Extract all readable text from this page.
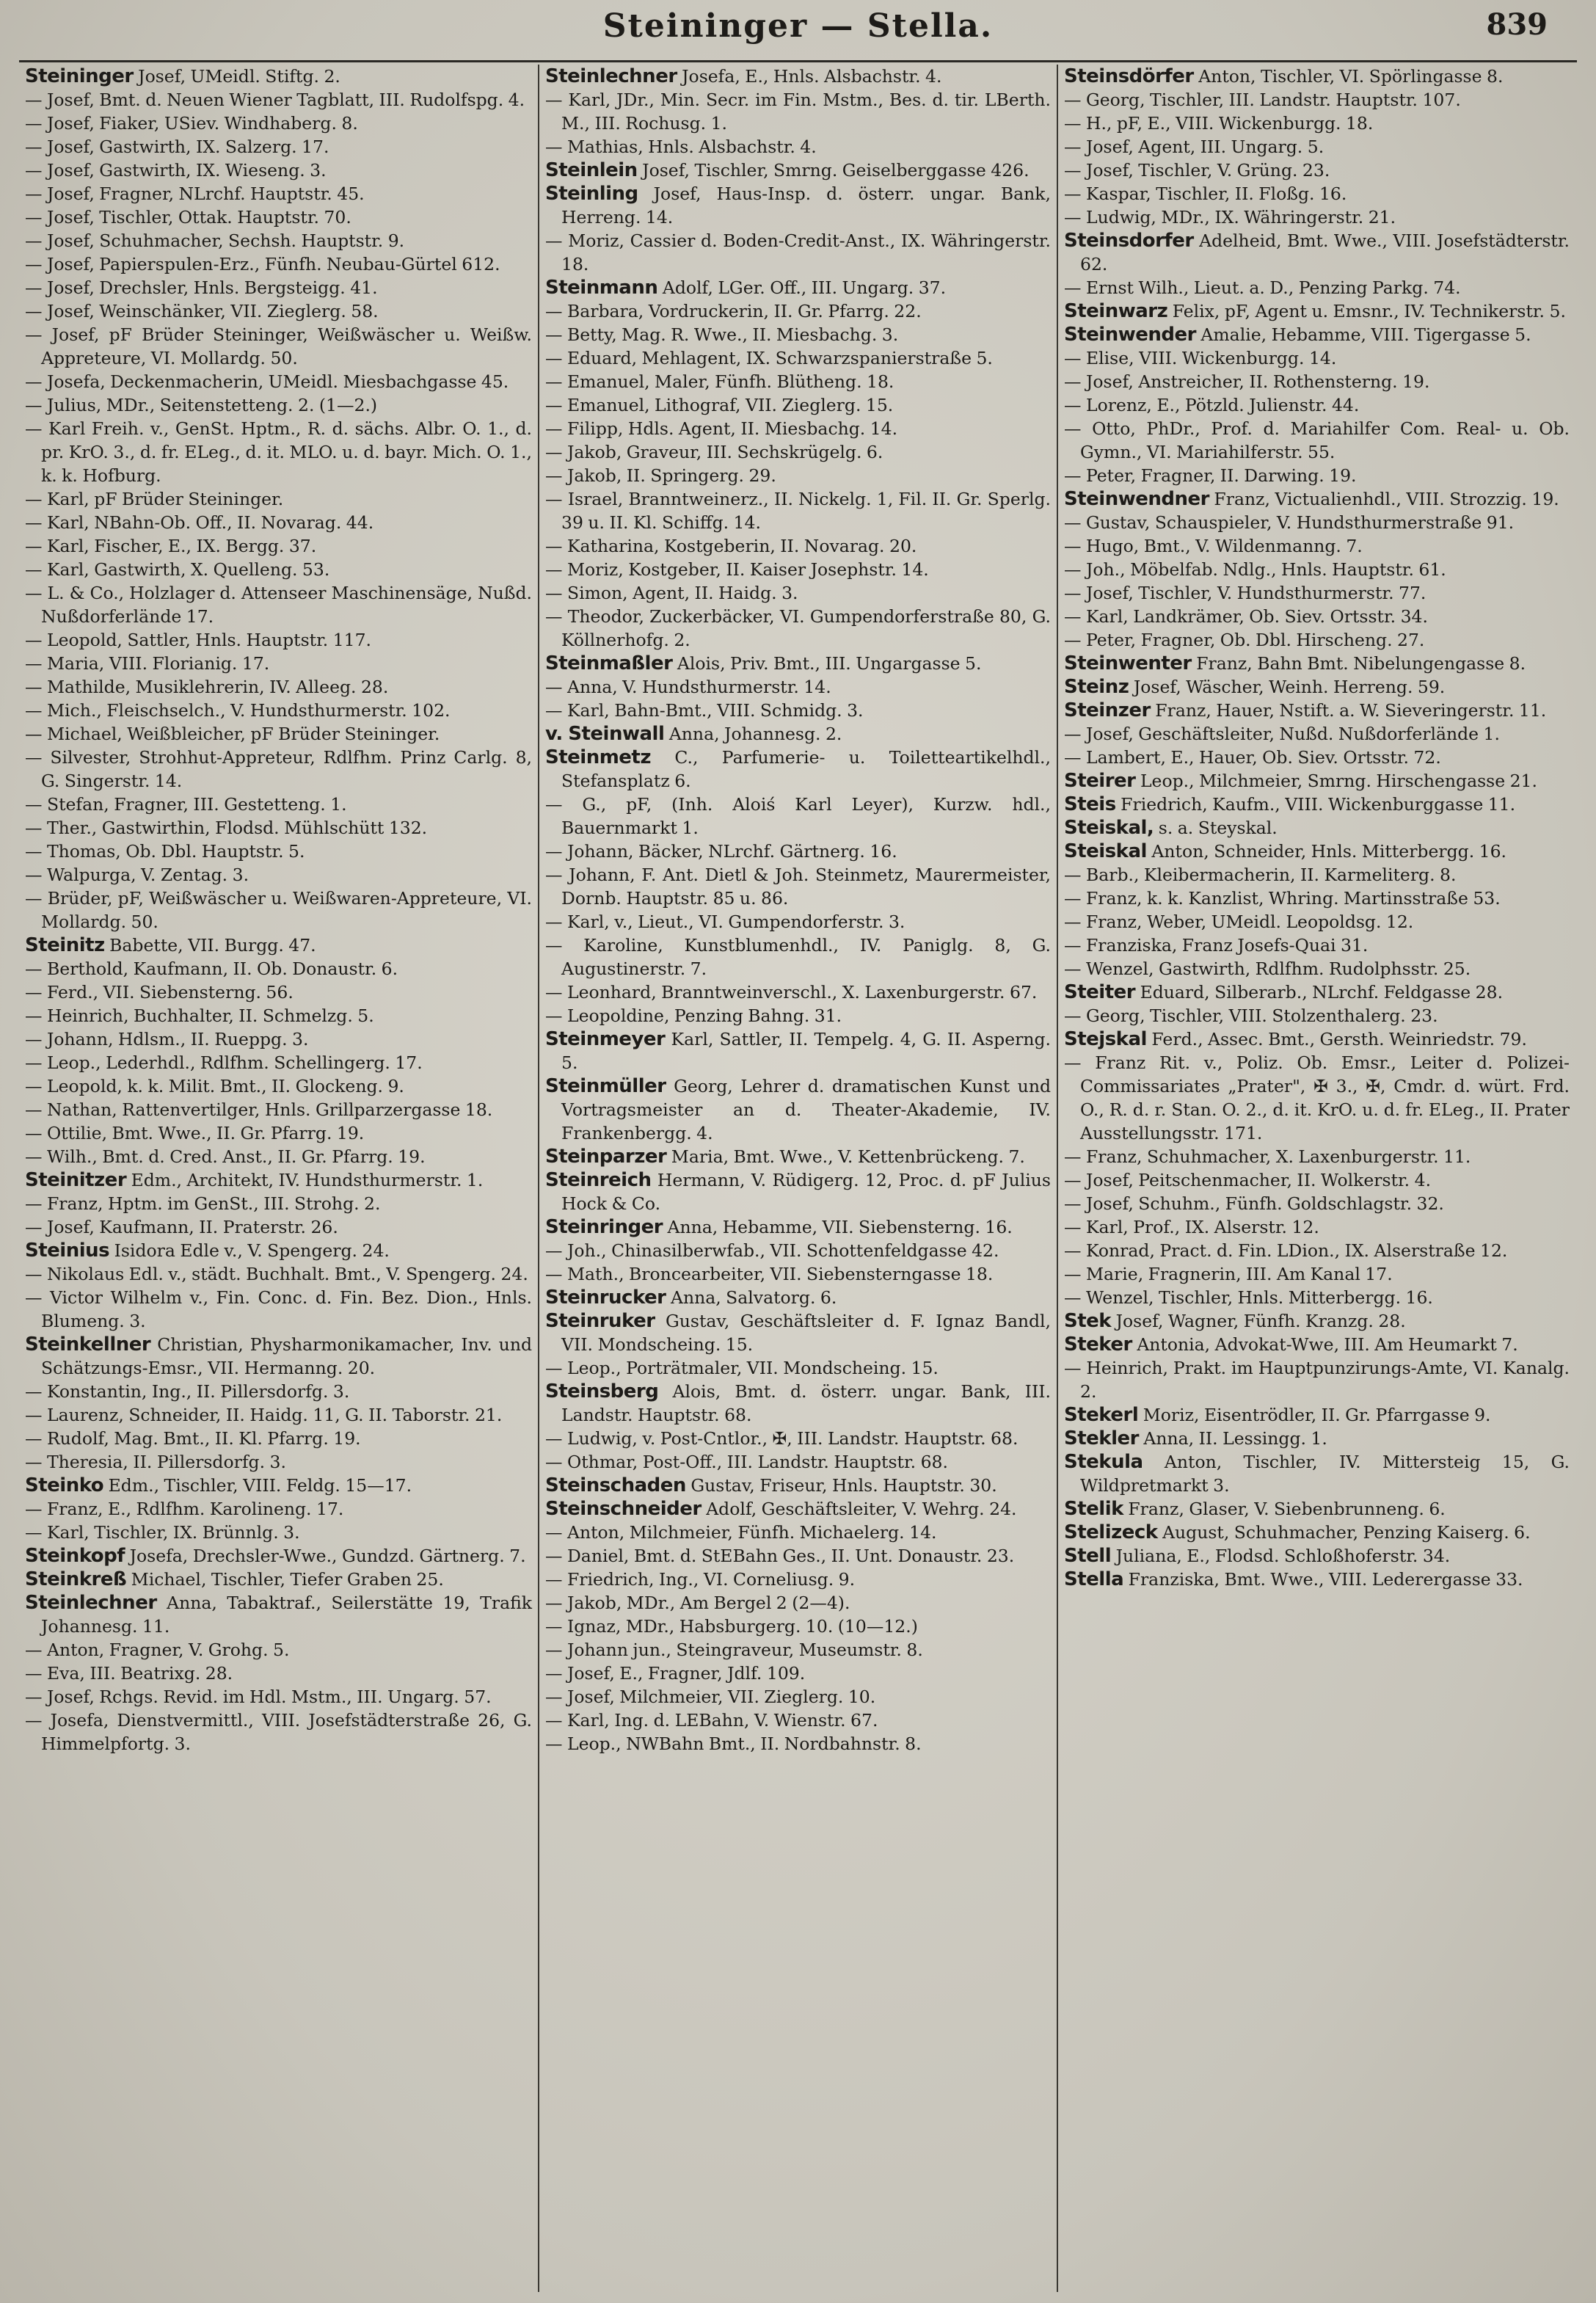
Steininger — Stella.	839

Steininger Josef, UMeidl. Stiftg. 2.

— Josef, Bmt. d. Neuen Wiener Tagblatt, III. Rudolfspg. 4.

— Josef, Fiaker, USiev. Windhaberg. 8.

— Josef, Gastwirth, IX. Salzerg. 17.

— Josef, Gastwirth, IX. Wieseng. 3.

— Josef, Fragner, NLrchf. Hauptstr. 45.

— Josef, Tischler, Ottak. Hauptstr. 70.

— Josef, Schuhmacher, Sechsh. Hauptstr. 9.

— Josef, Papierspulen-Erz., Fünfh. Neubau-Gürtel 612.

— Josef, Drechsler, Hnls. Bergsteigg. 41.

— Josef, Weinschänker, VII. Zieglerg. 58.

— Josef, pF Brüder Steininger, Weißwäscher u. Weißw. Appreteure, VI. Mollardg. 50.

— Josefa, Deckenmacherin, UMeidl. Miesbachgasse 45.

— Julius, MDr., Seitenstetteng. 2. (1—2.)

— Karl Freih. v., GenSt. Hptm., R. d. sächs. Albr. O. 1., d. pr. KrO. 3., d. fr. ELeg., d. it. MLO. u. d. bayr. Mich. O. 1., k. k. Hofburg.

— Karl, pF Brüder Steininger.

— Karl, NBahn-Ob. Off., II. Novarag. 44.

— Karl, Fischer, E., IX. Bergg. 37.

— Karl, Gastwirth, X. Quelleng. 53.

— L. & Co., Holzlager d. Attenseer Maschinensäge, Nußd. Nußdorferlände 17.

— Leopold, Sattler, Hnls. Hauptstr. 117.

— Maria, VIII. Florianig. 17.

— Mathilde, Musiklehrerin, IV. Alleeg. 28.

— Mich., Fleischselch., V. Hundsthurmerstr. 102.

— Michael, Weißbleicher, pF Brüder Steininger.

— Silvester, Strohhut-Appreteur, Rdlfhm. Prinz Carlg. 8, G. Singerstr. 14.

— Stefan, Fragner, III. Gestetteng. 1.

— Ther., Gastwirthin, Flodsd. Mühlschütt 132.

— Thomas, Ob. Dbl. Hauptstr. 5.

— Walpurga, V. Zentag. 3.

— Brüder, pF, Weißwäscher u. Weißwaren-Appreteure, VI. Mollardg. 50.

Steinitz Babette, VII. Burgg. 47.

— Berthold, Kaufmann, II. Ob. Donaustr. 6.

— Ferd., VII. Siebensterng. 56.

— Heinrich, Buchhalter, II. Schmelzg. 5.

— Johann, Hdlsm., II. Rueppg. 3.

— Leop., Lederhdl., Rdlfhm. Schellingerg. 17.

— Leopold, k. k. Milit. Bmt., II. Glockeng. 9.

— Nathan, Rattenvertilger, Hnls. Grillparzergasse 18.

— Ottilie, Bmt. Wwe., II. Gr. Pfarrg. 19.

— Wilh., Bmt. d. Cred. Anst., II. Gr. Pfarrg. 19.

Steinitzer Edm., Architekt, IV. Hundsthurmerstr. 1.

— Franz, Hptm. im GenSt., III. Strohg. 2.

— Josef, Kaufmann, II. Praterstr. 26.

Steinius Isidora Edle v., V. Spengerg. 24.

— Nikolaus Edl. v., städt. Buchhalt. Bmt., V. Spengerg. 24.

— Victor Wilhelm v., Fin. Conc. d. Fin. Bez. Dion., Hnls. Blumeng. 3.

Steinkellner Christian, Physharmonikamacher, Inv. und Schätzungs-Emsr., VII. Hermanng. 20.

— Konstantin, Ing., II. Pillersdorfg. 3.

— Laurenz, Schneider, II. Haidg. 11, G. II. Taborstr. 21.

— Rudolf, Mag. Bmt., II. Kl. Pfarrg. 19.

— Theresia, II. Pillersdorfg. 3.

Steinko Edm., Tischler, VIII. Feldg. 15—17.

— Franz, E., Rdlfhm. Karolineng. 17.

— Karl, Tischler, IX. Brünnlg. 3.

Steinkopf Josefa, Drechsler-Wwe., Gundzd. Gärtnerg. 7.

Steinkreß Michael, Tischler, Tiefer Graben 25.

Steinlechner Anna, Tabaktraf., Seilerstätte 19, Trafik Johannesg. 11.

— Anton, Fragner, V. Grohg. 5.

— Eva, III. Beatrixg. 28.

— Josef, Rchgs. Revid. im Hdl. Mstm., III. Ungarg. 57.

— Josefa, Dienstvermittl., VIII. Josefstädterstraße 26, G. Himmelpfortg. 3.

Steinlechner Josefa, E., Hnls. Alsbachstr. 4.

— Karl, JDr., Min. Secr. im Fin. Mstm., Bes. d. tir. LBerth. M., III. Rochusg. 1.

— Mathias, Hnls. Alsbachstr. 4.

Steinlein Josef, Tischler, Smrng. Geiselberggasse 426.

Steinling Josef, Haus-Insp. d. österr. ungar. Bank, Herreng. 14.

— Moriz, Cassier d. Boden-Credit-Anst., IX. Währingerstr. 18.

Steinmann Adolf, LGer. Off., III. Ungarg. 37.

— Barbara, Vordruckerin, II. Gr. Pfarrg. 22.

— Betty, Mag. R. Wwe., II. Miesbachg. 3.

— Eduard, Mehlagent, IX. Schwarzspanierstraße 5.

— Emanuel, Maler, Fünfh. Blütheng. 18.

— Emanuel, Lithograf, VII. Zieglerg. 15.

— Filipp, Hdls. Agent, II. Miesbachg. 14.

— Jakob, Graveur, III. Sechskrügelg. 6.

— Jakob, II. Springerg. 29.

— Israel, Branntweinerz., II. Nickelg. 1, Fil. II. Gr. Sperlg. 39 u. II. Kl. Schiffg. 14.

— Katharina, Kostgeberin, II. Novarag. 20.

— Moriz, Kostgeber, II. Kaiser Josephstr. 14.

— Simon, Agent, II. Haidg. 3.

— Theodor, Zuckerbäcker, VI. Gumpendorferstraße 80, G. Köllnerhofg. 2.

Steinmaßler Alois, Priv. Bmt., III. Ungargasse 5.

— Anna, V. Hundsthurmerstr. 14.

— Karl, Bahn-Bmt., VIII. Schmidg. 3.

v. Steinwall Anna, Johannesg. 2.

Steinmetz C., Parfumerie- u. Toiletteartikelhdl., Stefansplatz 6.

— G., pF, (Inh. Aloiś Karl Leyer), Kurzw. hdl., Bauernmarkt 1.

— Johann, Bäcker, NLrchf. Gärtnerg. 16.

— Johann, F. Ant. Dietl & Joh. Steinmetz, Maurermeister, Dornb. Hauptstr. 85 u. 86.

— Karl, v., Lieut., VI. Gumpendorferstr. 3.

— Karoline, Kunstblumenhdl., IV. Paniglg. 8, G. Augustinerstr. 7.

— Leonhard, Branntweinverschl., X. Laxenburgerstr. 67.

— Leopoldine, Penzing Bahng. 31.

Steinmeyer Karl, Sattler, II. Tempelg. 4, G. II. Asperng. 5.

Steinmüller Georg, Lehrer d. dramatischen Kunst und Vortragsmeister an d. Theater-Akademie, IV. Frankenbergg. 4.

Steinparzer Maria, Bmt. Wwe., V. Kettenbrückeng. 7.

Steinreich Hermann, V. Rüdigerg. 12, Proc. d. pF Julius Hock & Co.

Steinringer Anna, Hebamme, VII. Siebensterng. 16.

— Joh., Chinasilberwfab., VII. Schottenfeldgasse 42.

— Math., Broncearbeiter, VII. Siebensterngasse 18.

Steinrucker Anna, Salvatorg. 6.

Steinruker Gustav, Geschäftsleiter d. F. Ignaz Bandl, VII. Mondscheing. 15.

— Leop., Porträtmaler, VII. Mondscheing. 15.

Steinsberg Alois, Bmt. d. österr. ungar. Bank, III. Landstr. Hauptstr. 68.

— Ludwig, v. Post-Cntlor., ✠, III. Landstr. Hauptstr. 68.

— Othmar, Post-Off., III. Landstr. Hauptstr. 68.

Steinschaden Gustav, Friseur, Hnls. Hauptstr. 30.

Steinschneider Adolf, Geschäftsleiter, V. Wehrg. 24.

— Anton, Milchmeier, Fünfh. Michaelerg. 14.

— Daniel, Bmt. d. StEBahn Ges., II. Unt. Donaustr. 23.

— Friedrich, Ing., VI. Corneliusg. 9.

— Jakob, MDr., Am Bergel 2 (2—4).

— Ignaz, MDr., Habsburgerg. 10. (10—12.)

— Johann jun., Steingraveur, Museumstr. 8.

— Josef, E., Fragner, Jdlf. 109.

— Josef, Milchmeier, VII. Zieglerg. 10.

— Karl, Ing. d. LEBahn, V. Wienstr. 67.

— Leop., NWBahn Bmt., II. Nordbahnstr. 8.

Steinsdörfer Anton, Tischler, VI. Spörlingasse 8.

— Georg, Tischler, III. Landstr. Hauptstr. 107.

— H., pF, E., VIII. Wickenburgg. 18.

— Josef, Agent, III. Ungarg. 5.

— Josef, Tischler, V. Grüng. 23.

— Kaspar, Tischler, II. Floßg. 16.

— Ludwig, MDr., IX. Währingerstr. 21.

Steinsdorfer Adelheid, Bmt. Wwe., VIII. Josefstädterstr. 62.

— Ernst Wilh., Lieut. a. D., Penzing Parkg. 74.

Steinwarz Felix, pF, Agent u. Emsnr., IV. Technikerstr. 5.

Steinwender Amalie, Hebamme, VIII. Tigergasse 5.

— Elise, VIII. Wickenburgg. 14.

— Josef, Anstreicher, II. Rothensterng. 19.

— Lorenz, E., Pötzld. Julienstr. 44.

— Otto, PhDr., Prof. d. Mariahilfer Com. Real- u. Ob. Gymn., VI. Mariahilferstr. 55.

— Peter, Fragner, II. Darwing. 19.

Steinwendner Franz, Victualienhdl., VIII. Strozzig. 19.

— Gustav, Schauspieler, V. Hundsthurmerstraße 91.

— Hugo, Bmt., V. Wildenmanng. 7.

— Joh., Möbelfab. Ndlg., Hnls. Hauptstr. 61.

— Josef, Tischler, V. Hundsthurmerstr. 77.

— Karl, Landkrämer, Ob. Siev. Ortsstr. 34.

— Peter, Fragner, Ob. Dbl. Hirscheng. 27.

Steinwenter Franz, Bahn Bmt. Nibelungengasse 8.

Steinz Josef, Wäscher, Weinh. Herreng. 59.

Steinzer Franz, Hauer, Nstift. a. W. Sieveringerstr. 11.

— Josef, Geschäftsleiter, Nußd. Nußdorferlände 1.

— Lambert, E., Hauer, Ob. Siev. Ortsstr. 72.

Steirer Leop., Milchmeier, Smrng. Hirschengasse 21.

Steis Friedrich, Kaufm., VIII. Wickenburggasse 11.

Steiskal, s. a. Steyskal.

Steiskal Anton, Schneider, Hnls. Mitterbergg. 16.

— Barb., Kleibermacherin, II. Karmeliterg. 8.

— Franz, k. k. Kanzlist, Whring. Martinsstraße 53.

— Franz, Weber, UMeidl. Leopoldsg. 12.

— Franziska, Franz Josefs-Quai 31.

— Wenzel, Gastwirth, Rdlfhm. Rudolphsstr. 25.

Steiter Eduard, Silberarb., NLrchf. Feldgasse 28.

— Georg, Tischler, VIII. Stolzenthalerg. 23.

Stejskal Ferd., Assec. Bmt., Gersth. Weinriedstr. 79.

— Franz Rit. v., Poliz. Ob. Emsr., Leiter d. Polizei-Commissariates „Prater", ✠ 3., ✠, Cmdr. d. würt. Frd. O., R. d. r. Stan. O. 2., d. it. KrO. u. d. fr. ELeg., II. Prater Ausstellungsstr. 171.

— Franz, Schuhmacher, X. Laxenburgerstr. 11.

— Josef, Peitschenmacher, II. Wolkerstr. 4.

— Josef, Schuhm., Fünfh. Goldschlagstr. 32.

— Karl, Prof., IX. Alserstr. 12.

— Konrad, Pract. d. Fin. LDion., IX. Alserstraße 12.

— Marie, Fragnerin, III. Am Kanal 17.

— Wenzel, Tischler, Hnls. Mitterbergg. 16.

Stek Josef, Wagner, Fünfh. Kranzg. 28.

Steker Antonia, Advokat-Wwe, III. Am Heumarkt 7.

— Heinrich, Prakt. im Hauptpunzirungs-Amte, VI. Kanalg. 2.

Stekerl Moriz, Eisentrödler, II. Gr. Pfarrgasse 9.

Stekler Anna, II. Lessingg. 1.

Stekula Anton, Tischler, IV. Mittersteig 15, G. Wildpretmarkt 3.

Stelik Franz, Glaser, V. Siebenbrunneng. 6.

Stelizeck August, Schuhmacher, Penzing Kaiserg. 6.

Stell Juliana, E., Flodsd. Schloßhoferstr. 34.

Stella Franziska, Bmt. Wwe., VIII. Lederergasse 33.
